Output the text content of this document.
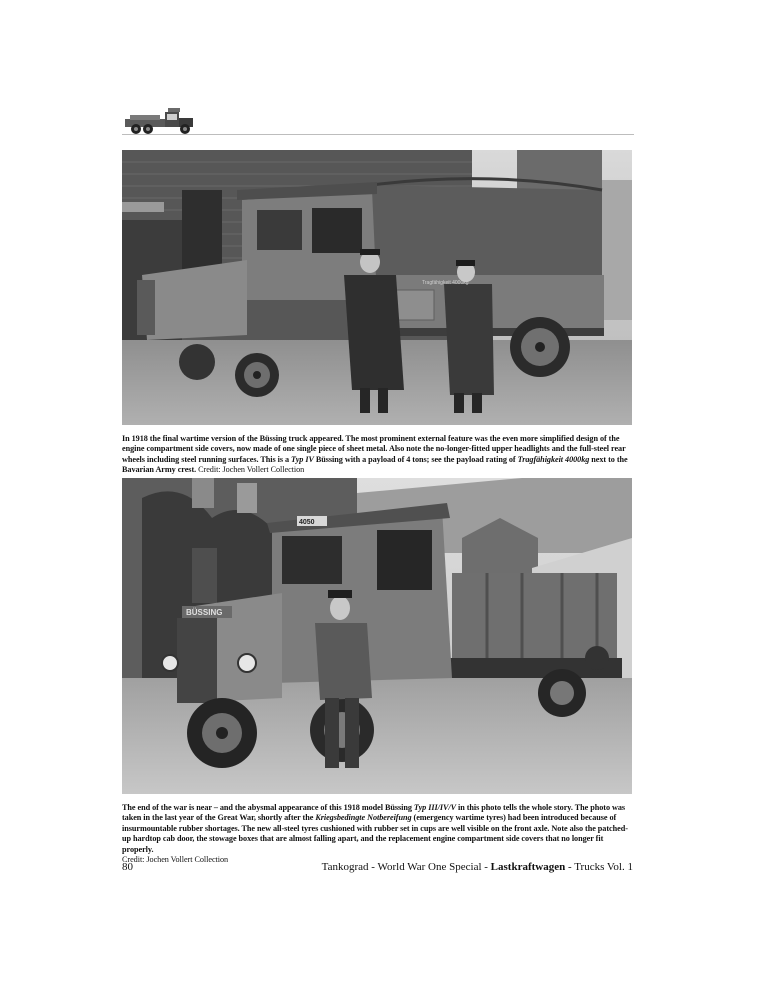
Tragfähigkeit 4000kg
In 1918 the final wartime version of the Büssing truck appeared. The most prominent external feature was the even more simplified design of the engine compartment side covers, now made of one single piece of sheet metal. Also note the no-longer-fitted upper headlights and the full-steel rear wheels including steel running surfaces. This is a Typ IV Büssing with a payload of 4 tons; see the payload rating of Tragfähigkeit 4000kg next to the Bavarian Army crest. Credit: Jochen Vollert Collection
4050
BÜSSING
The end of the war is near – and the abysmal appearance of this 1918 model Büssing Typ III/IV/V in this photo tells the whole story. The photo was taken in the last year of the Great War, shortly after the Kriegsbedingte Notbereifung (emergency wartime tyres) had been introduced because of insurmountable rubber shortages. The new all-steel tyres cushioned with rubber set in cups are well visible on the front axle. Note also the patched-up hardtop cab door, the stowage boxes that are almost falling apart, and the replacement engine compartment side covers that no longer fit properly.
Credit: Jochen Vollert Collection
80	Tankograd - World War One Special - Lastkraftwagen - Trucks Vol. 1
